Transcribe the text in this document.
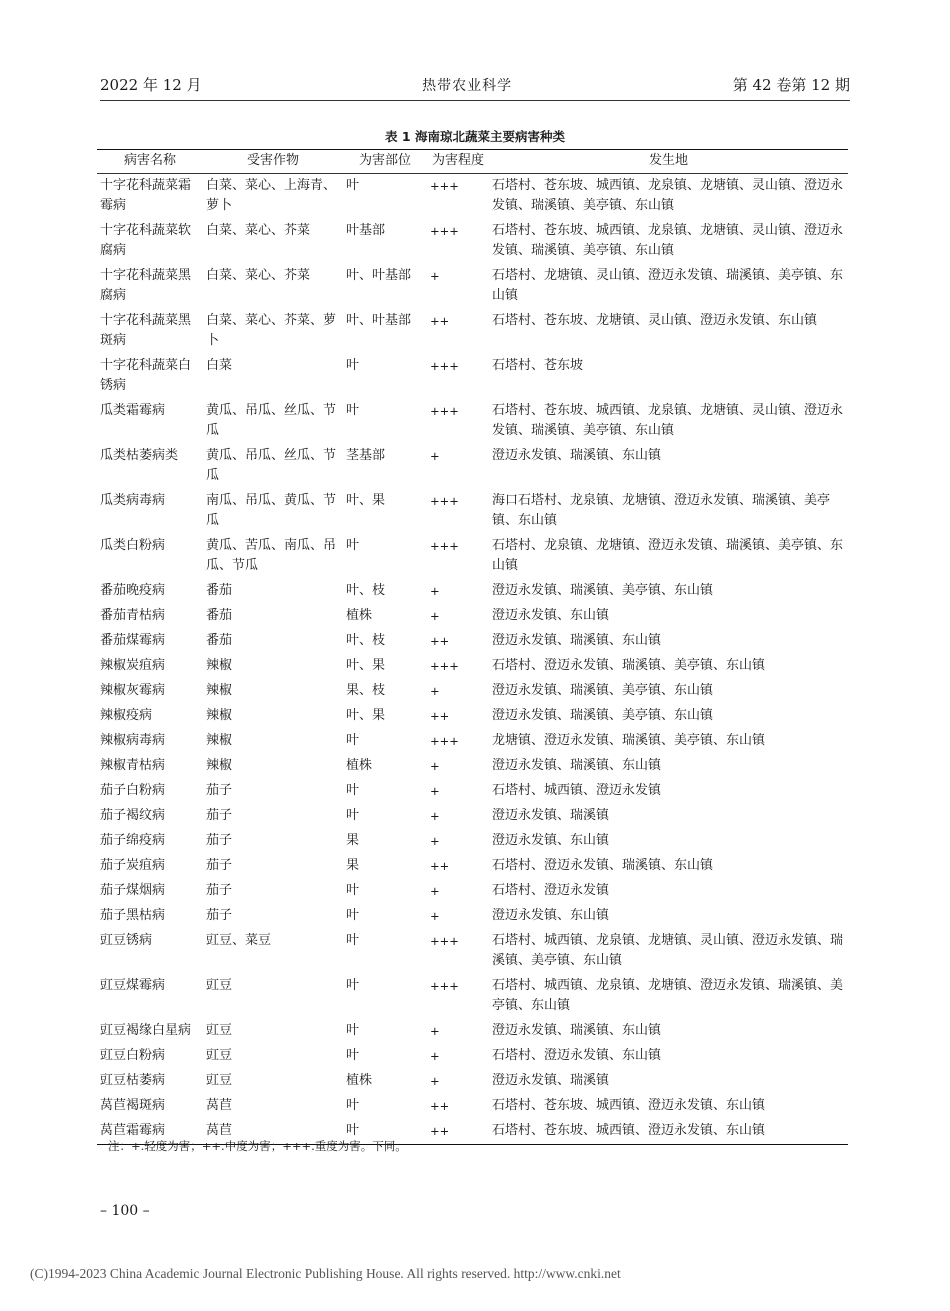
2022 年 12 月	热带农业科学	第 42 卷第 12 期
表 1 海南琼北蔬菜主要病害种类
病害名称	受害作物	为害部位	为害程度	发生地
十字花科蔬菜霜霉病	白菜、菜心、上海青、萝卜	叶	+++	石塔村、苍东坡、城西镇、龙泉镇、龙塘镇、灵山镇、澄迈永发镇、瑞溪镇、美亭镇、东山镇
十字花科蔬菜软腐病	白菜、菜心、芥菜	叶基部	+++	石塔村、苍东坡、城西镇、龙泉镇、龙塘镇、灵山镇、澄迈永发镇、瑞溪镇、美亭镇、东山镇
十字花科蔬菜黑腐病	白菜、菜心、芥菜	叶、叶基部	+	石塔村、龙塘镇、灵山镇、澄迈永发镇、瑞溪镇、美亭镇、东山镇
十字花科蔬菜黑斑病	白菜、菜心、芥菜、萝卜	叶、叶基部	++	石塔村、苍东坡、龙塘镇、灵山镇、澄迈永发镇、东山镇
十字花科蔬菜白锈病	白菜	叶	+++	石塔村、苍东坡
瓜类霜霉病	黄瓜、吊瓜、丝瓜、节瓜	叶	+++	石塔村、苍东坡、城西镇、龙泉镇、龙塘镇、灵山镇、澄迈永发镇、瑞溪镇、美亭镇、东山镇
瓜类枯萎病类	黄瓜、吊瓜、丝瓜、节瓜	茎基部	+	澄迈永发镇、瑞溪镇、东山镇
瓜类病毒病	南瓜、吊瓜、黄瓜、节瓜	叶、果	+++	海口石塔村、龙泉镇、龙塘镇、澄迈永发镇、瑞溪镇、美亭镇、东山镇
瓜类白粉病	黄瓜、苦瓜、南瓜、吊瓜、节瓜	叶	+++	石塔村、龙泉镇、龙塘镇、澄迈永发镇、瑞溪镇、美亭镇、东山镇
番茄晚疫病	番茄	叶、枝	+	澄迈永发镇、瑞溪镇、美亭镇、东山镇
番茄青枯病	番茄	植株	+	澄迈永发镇、东山镇
番茄煤霉病	番茄	叶、枝	++	澄迈永发镇、瑞溪镇、东山镇
辣椒炭疽病	辣椒	叶、果	+++	石塔村、澄迈永发镇、瑞溪镇、美亭镇、东山镇
辣椒灰霉病	辣椒	果、枝	+	澄迈永发镇、瑞溪镇、美亭镇、东山镇
辣椒疫病	辣椒	叶、果	++	澄迈永发镇、瑞溪镇、美亭镇、东山镇
辣椒病毒病	辣椒	叶	+++	龙塘镇、澄迈永发镇、瑞溪镇、美亭镇、东山镇
辣椒青枯病	辣椒	植株	+	澄迈永发镇、瑞溪镇、东山镇
茄子白粉病	茄子	叶	+	石塔村、城西镇、澄迈永发镇
茄子褐纹病	茄子	叶	+	澄迈永发镇、瑞溪镇
茄子绵疫病	茄子	果	+	澄迈永发镇、东山镇
茄子炭疽病	茄子	果	++	石塔村、澄迈永发镇、瑞溪镇、东山镇
茄子煤烟病	茄子	叶	+	石塔村、澄迈永发镇
茄子黑枯病	茄子	叶	+	澄迈永发镇、东山镇
豇豆锈病	豇豆、菜豆	叶	+++	石塔村、城西镇、龙泉镇、龙塘镇、灵山镇、澄迈永发镇、瑞溪镇、美亭镇、东山镇
豇豆煤霉病	豇豆	叶	+++	石塔村、城西镇、龙泉镇、龙塘镇、澄迈永发镇、瑞溪镇、美亭镇、东山镇
豇豆褐缘白星病	豇豆	叶	+	澄迈永发镇、瑞溪镇、东山镇
豇豆白粉病	豇豆	叶	+	石塔村、澄迈永发镇、东山镇
豇豆枯萎病	豇豆	植株	+	澄迈永发镇、瑞溪镇
莴苣褐斑病	莴苣	叶	++	石塔村、苍东坡、城西镇、澄迈永发镇、东山镇
莴苣霜霉病	莴苣	叶	++	石塔村、苍东坡、城西镇、澄迈永发镇、东山镇
注：+.轻度为害；++.中度为害；+++.重度为害。下同。
– 100 –
(C)1994-2023 China Academic Journal Electronic Publishing House. All rights reserved. http://www.cnki.net
